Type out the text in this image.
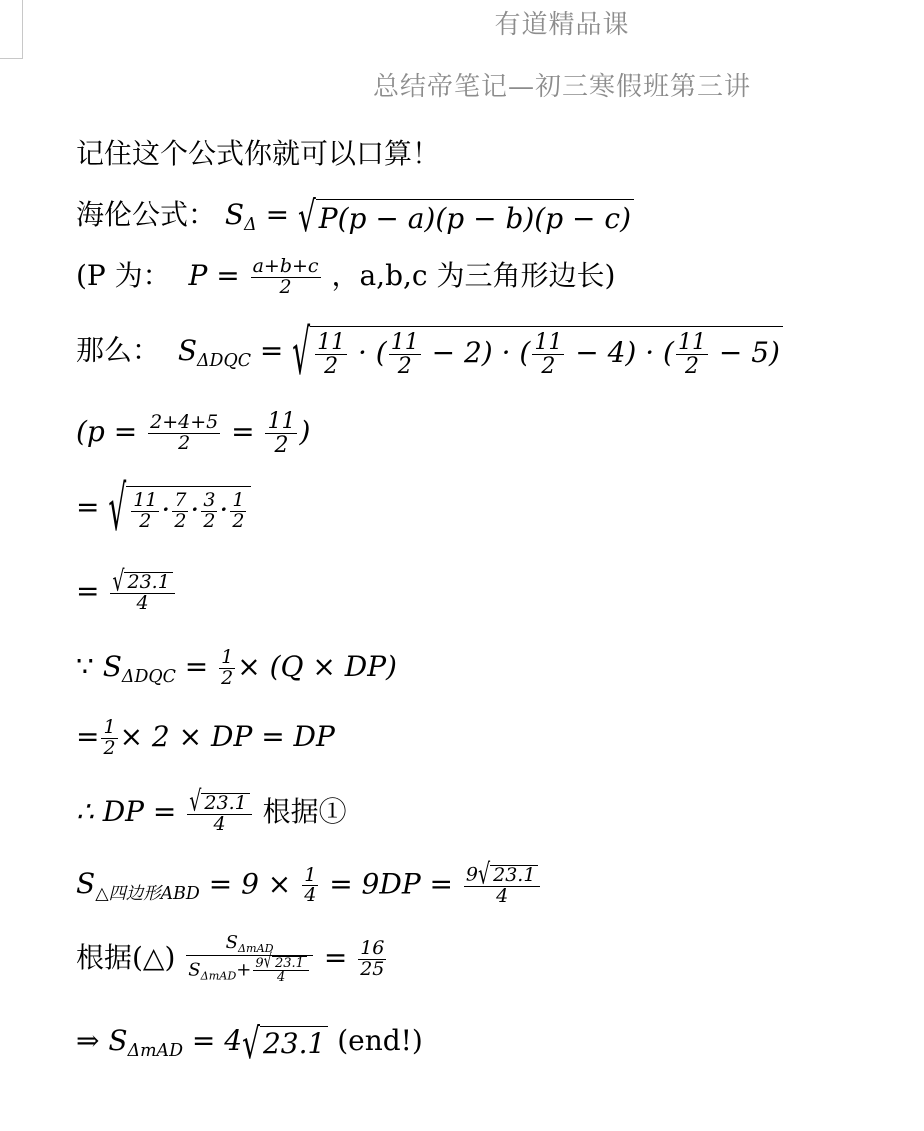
有道精品课
总结帝笔记—初三寒假班第三讲
记住这个公式你就可以口算！
海伦公式： $S_\Delta$ = √ P(p − a)(p − b)(p − c)
(P 为：  $P = \frac{a+b+c}{2}$ ，a,b,c 为三角形边长)
那么：  $S_{\Delta DQC}$ = √ $\frac{11}{2}$ · ( $\frac{11}{2} - 2$) · ( $\frac{11}{2} - 4$) · ( $\frac{11}{2} - 5$)
($p = \frac{2+4+5}{2} = \frac{11}{2}$ )
= √ $\frac{11}{2} \cdot \frac{7}{2} \cdot \frac{3}{2} \cdot \frac{1}{2}$
= $\frac{√ 23.1}{4}$
∵ $S_{\Delta DQC} = \frac{1}{2} \times (Q \times DP)$
= $\frac{1}{2} \times 2$ × DP = DP
∴ DP = $\frac{√ 23.1}{4}$ 根据①
$S_{\triangle 四边形ABD} = 9 \times \frac{1}{4} = 9DP = \frac{9√ 23.1}{4}$
根据(△)	$S_{\Delta mAD}$
$S_{\Delta mAD}+ \frac{9√ 23.1}{4} = \frac{16}{25}$
⇒ $S_{\Delta mAD} = 4√$ 23.1 (end!)
